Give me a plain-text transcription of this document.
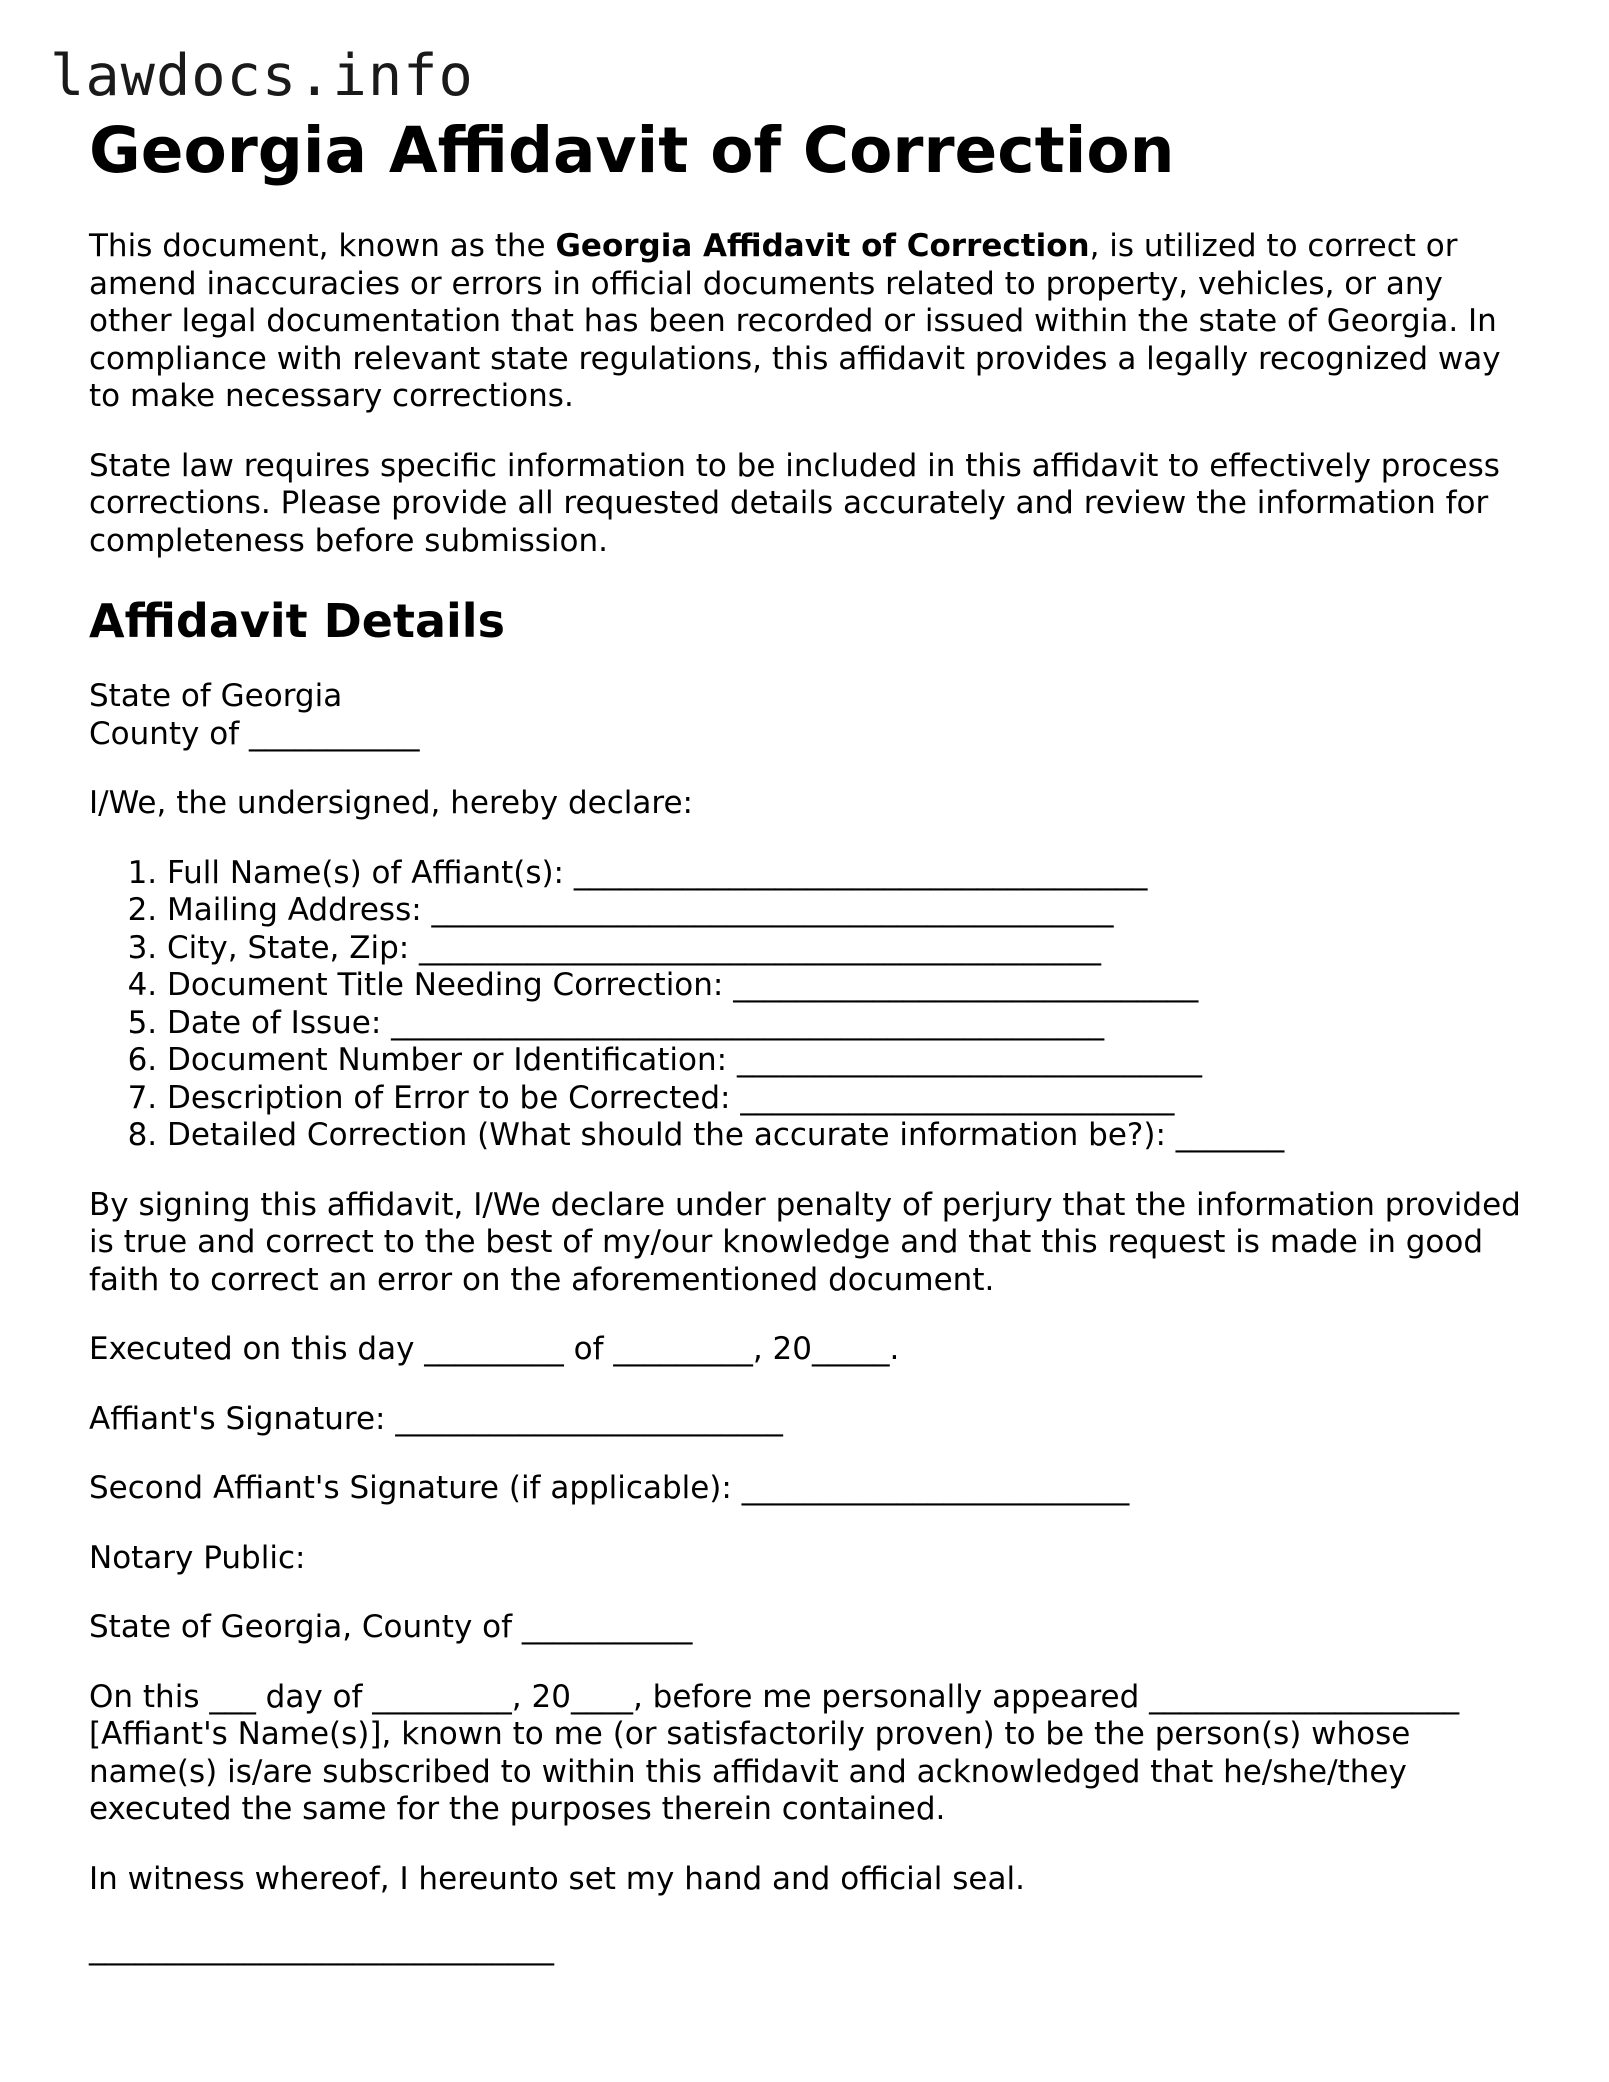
lawdocs.info
Georgia Affidavit of Correction

This document, known as the Georgia Affidavit of Correction, is utilized to correct or amend inaccuracies or errors in official documents related to property, vehicles, or any other legal documentation that has been recorded or issued within the state of Georgia. In compliance with relevant state regulations, this affidavit provides a legally recognized way to make necessary corrections.

State law requires specific information to be included in this affidavit to effectively process corrections. Please provide all requested details accurately and review the information for completeness before submission.

Affidavit Details

State of Georgia
County of ___________

I/We, the undersigned, hereby declare:

1. Full Name(s) of Affiant(s): _____________________________________
2. Mailing Address: ____________________________________________
3. City, State, Zip: ____________________________________________
4. Document Title Needing Correction: ______________________________
5. Date of Issue: ______________________________________________
6. Document Number or Identification: ______________________________
7. Description of Error to be Corrected: ____________________________
8. Detailed Correction (What should the accurate information be?): _______

By signing this affidavit, I/We declare under penalty of perjury that the information provided is true and correct to the best of my/our knowledge and that this request is made in good faith to correct an error on the aforementioned document.

Executed on this day _________ of _________, 20_____.

Affiant's Signature: _________________________

Second Affiant's Signature (if applicable): _________________________

Notary Public:

State of Georgia, County of ___________

On this ___ day of _________, 20____, before me personally appeared ____________________ [Affiant's Name(s)], known to me (or satisfactorily proven) to be the person(s) whose name(s) is/are subscribed to within this affidavit and acknowledged that he/she/they executed the same for the purposes therein contained.

In witness whereof, I hereunto set my hand and official seal.

______________________________
